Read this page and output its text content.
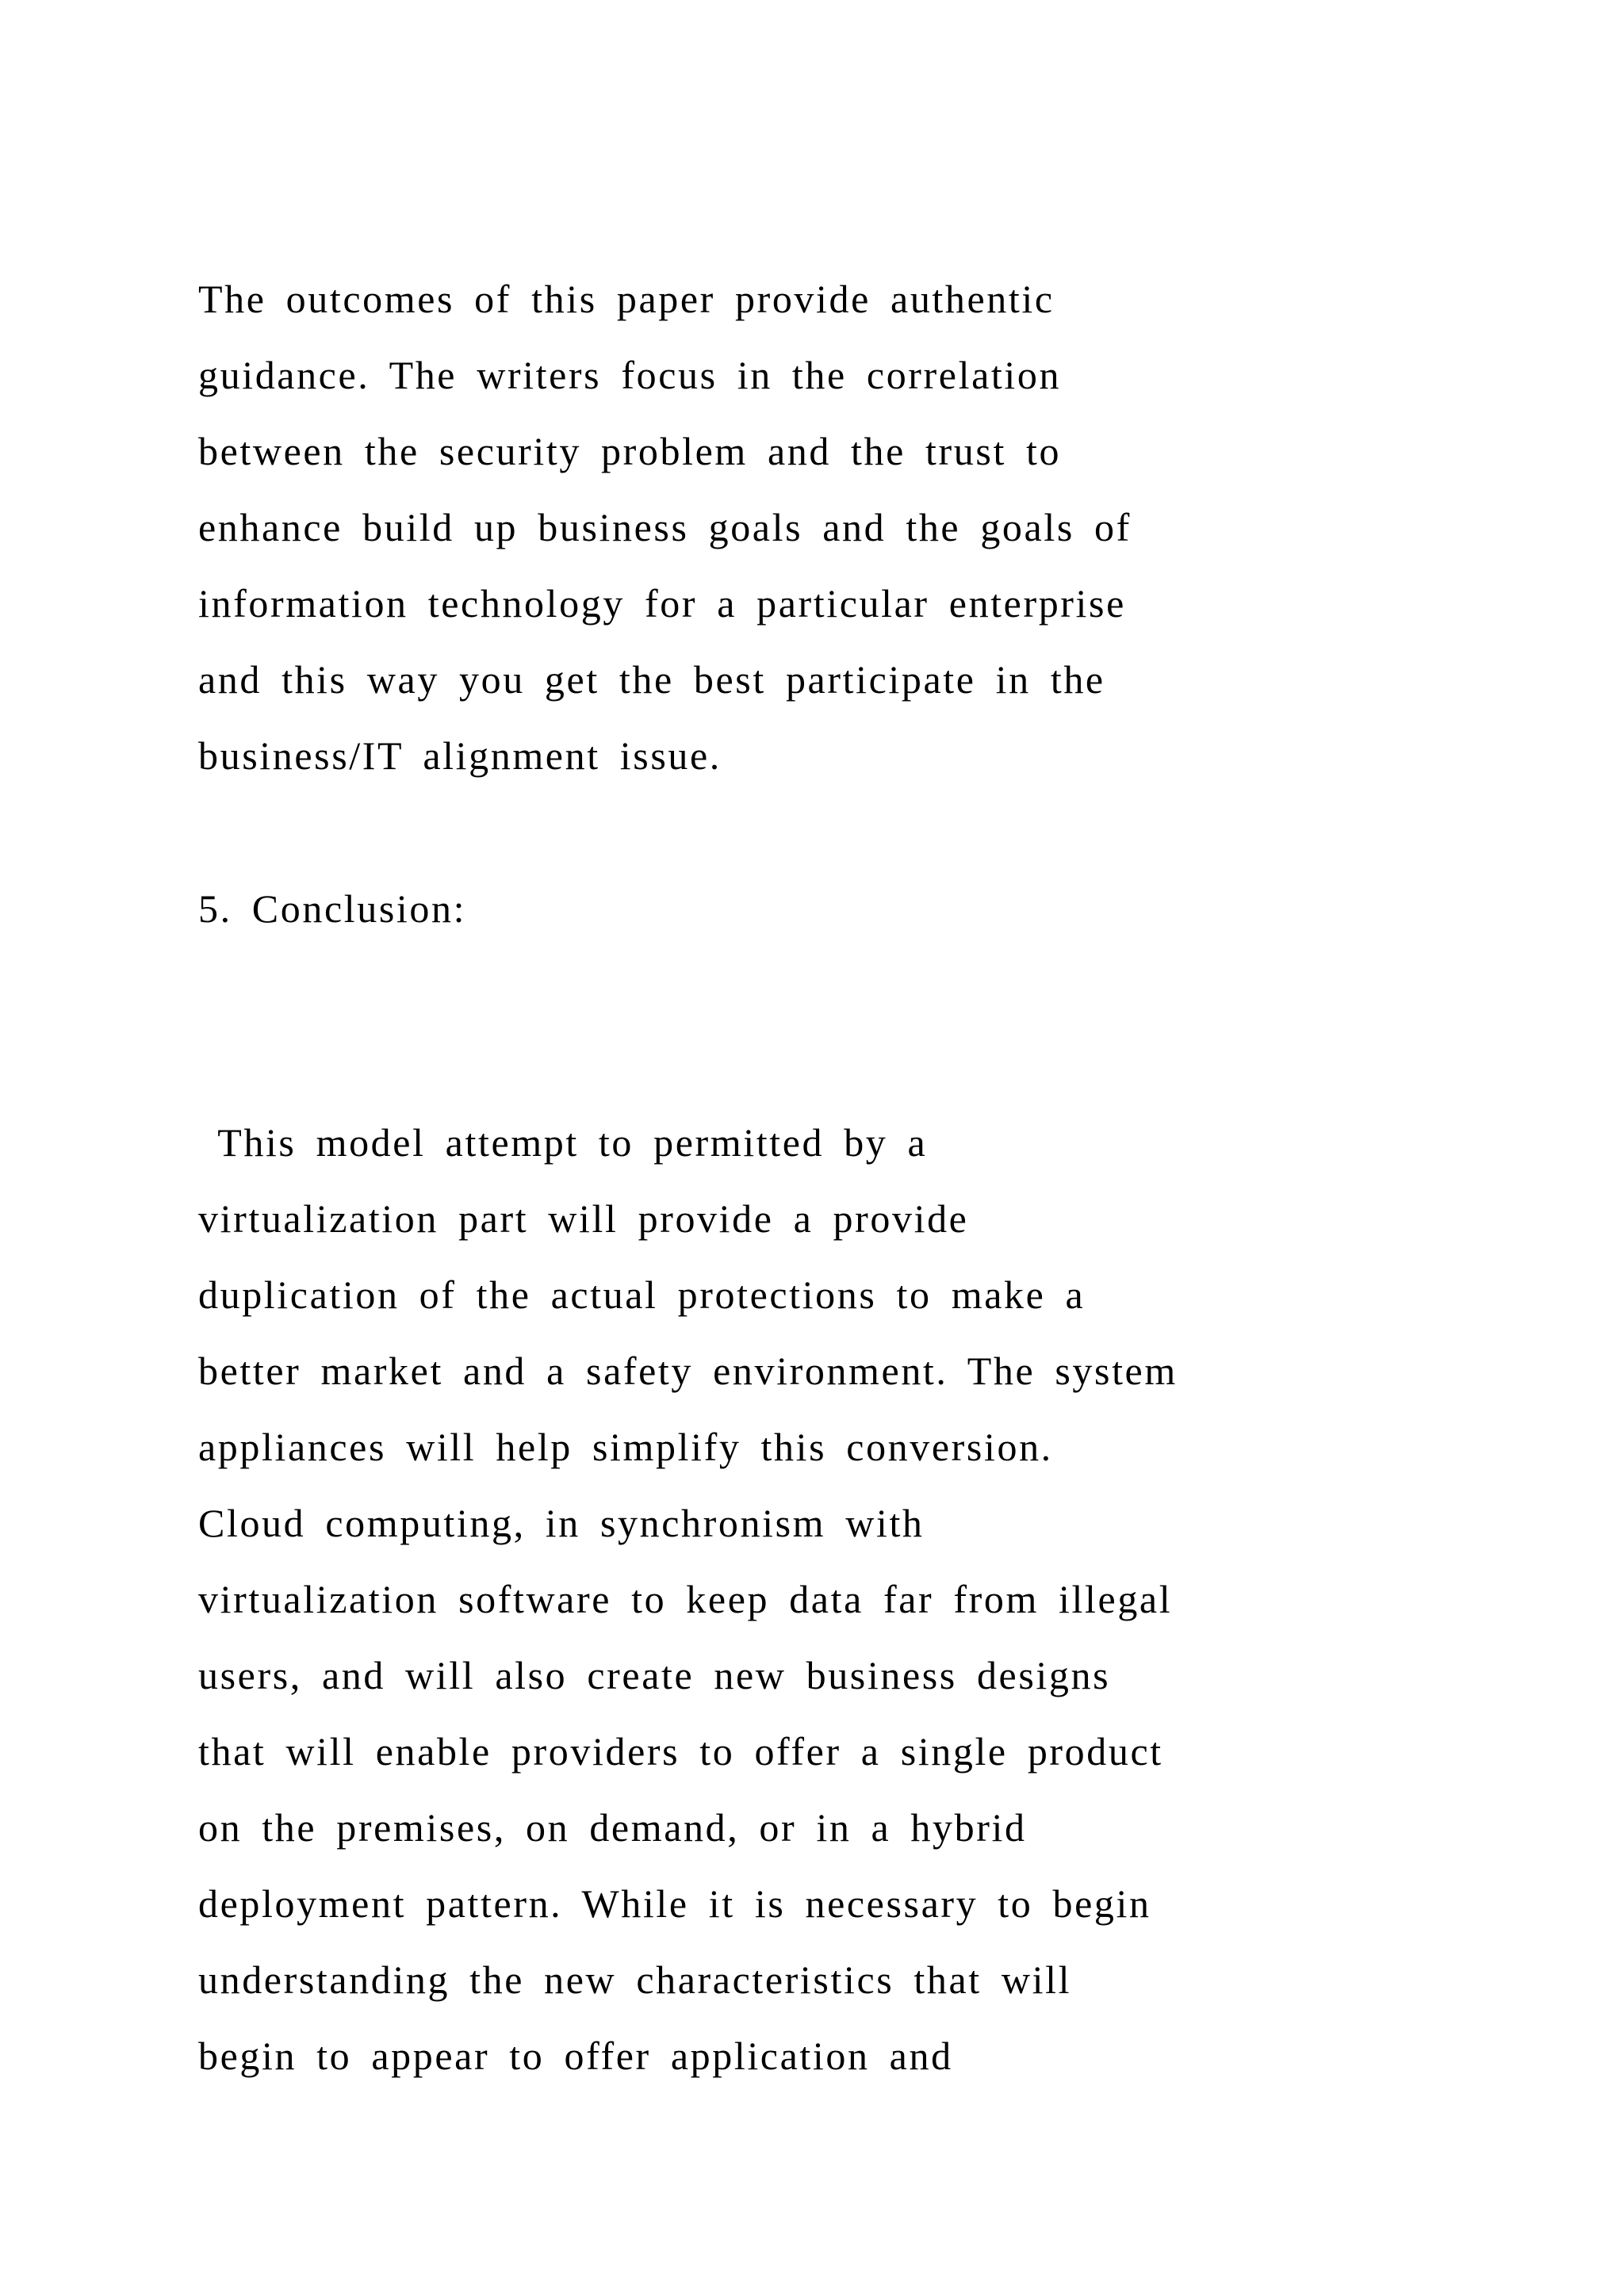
The outcomes of this paper provide authentic
guidance. The writers focus in the correlation
between the security problem and the trust to
enhance build up business goals and the goals of
information technology for a particular enterprise
and this way you get the best participate in the
business/IT alignment issue.
5. Conclusion:
This model attempt to permitted by a
virtualization part will provide a provide
duplication of the actual protections to make a
better market and a safety environment. The system
appliances will help simplify this conversion.
Cloud computing, in synchronism with
virtualization software to keep data far from illegal
users, and will also create new business designs
that will enable providers to offer a single product
on the premises, on demand, or in a hybrid
deployment pattern. While it is necessary to begin
understanding the new characteristics that will
begin to appear to offer application and
